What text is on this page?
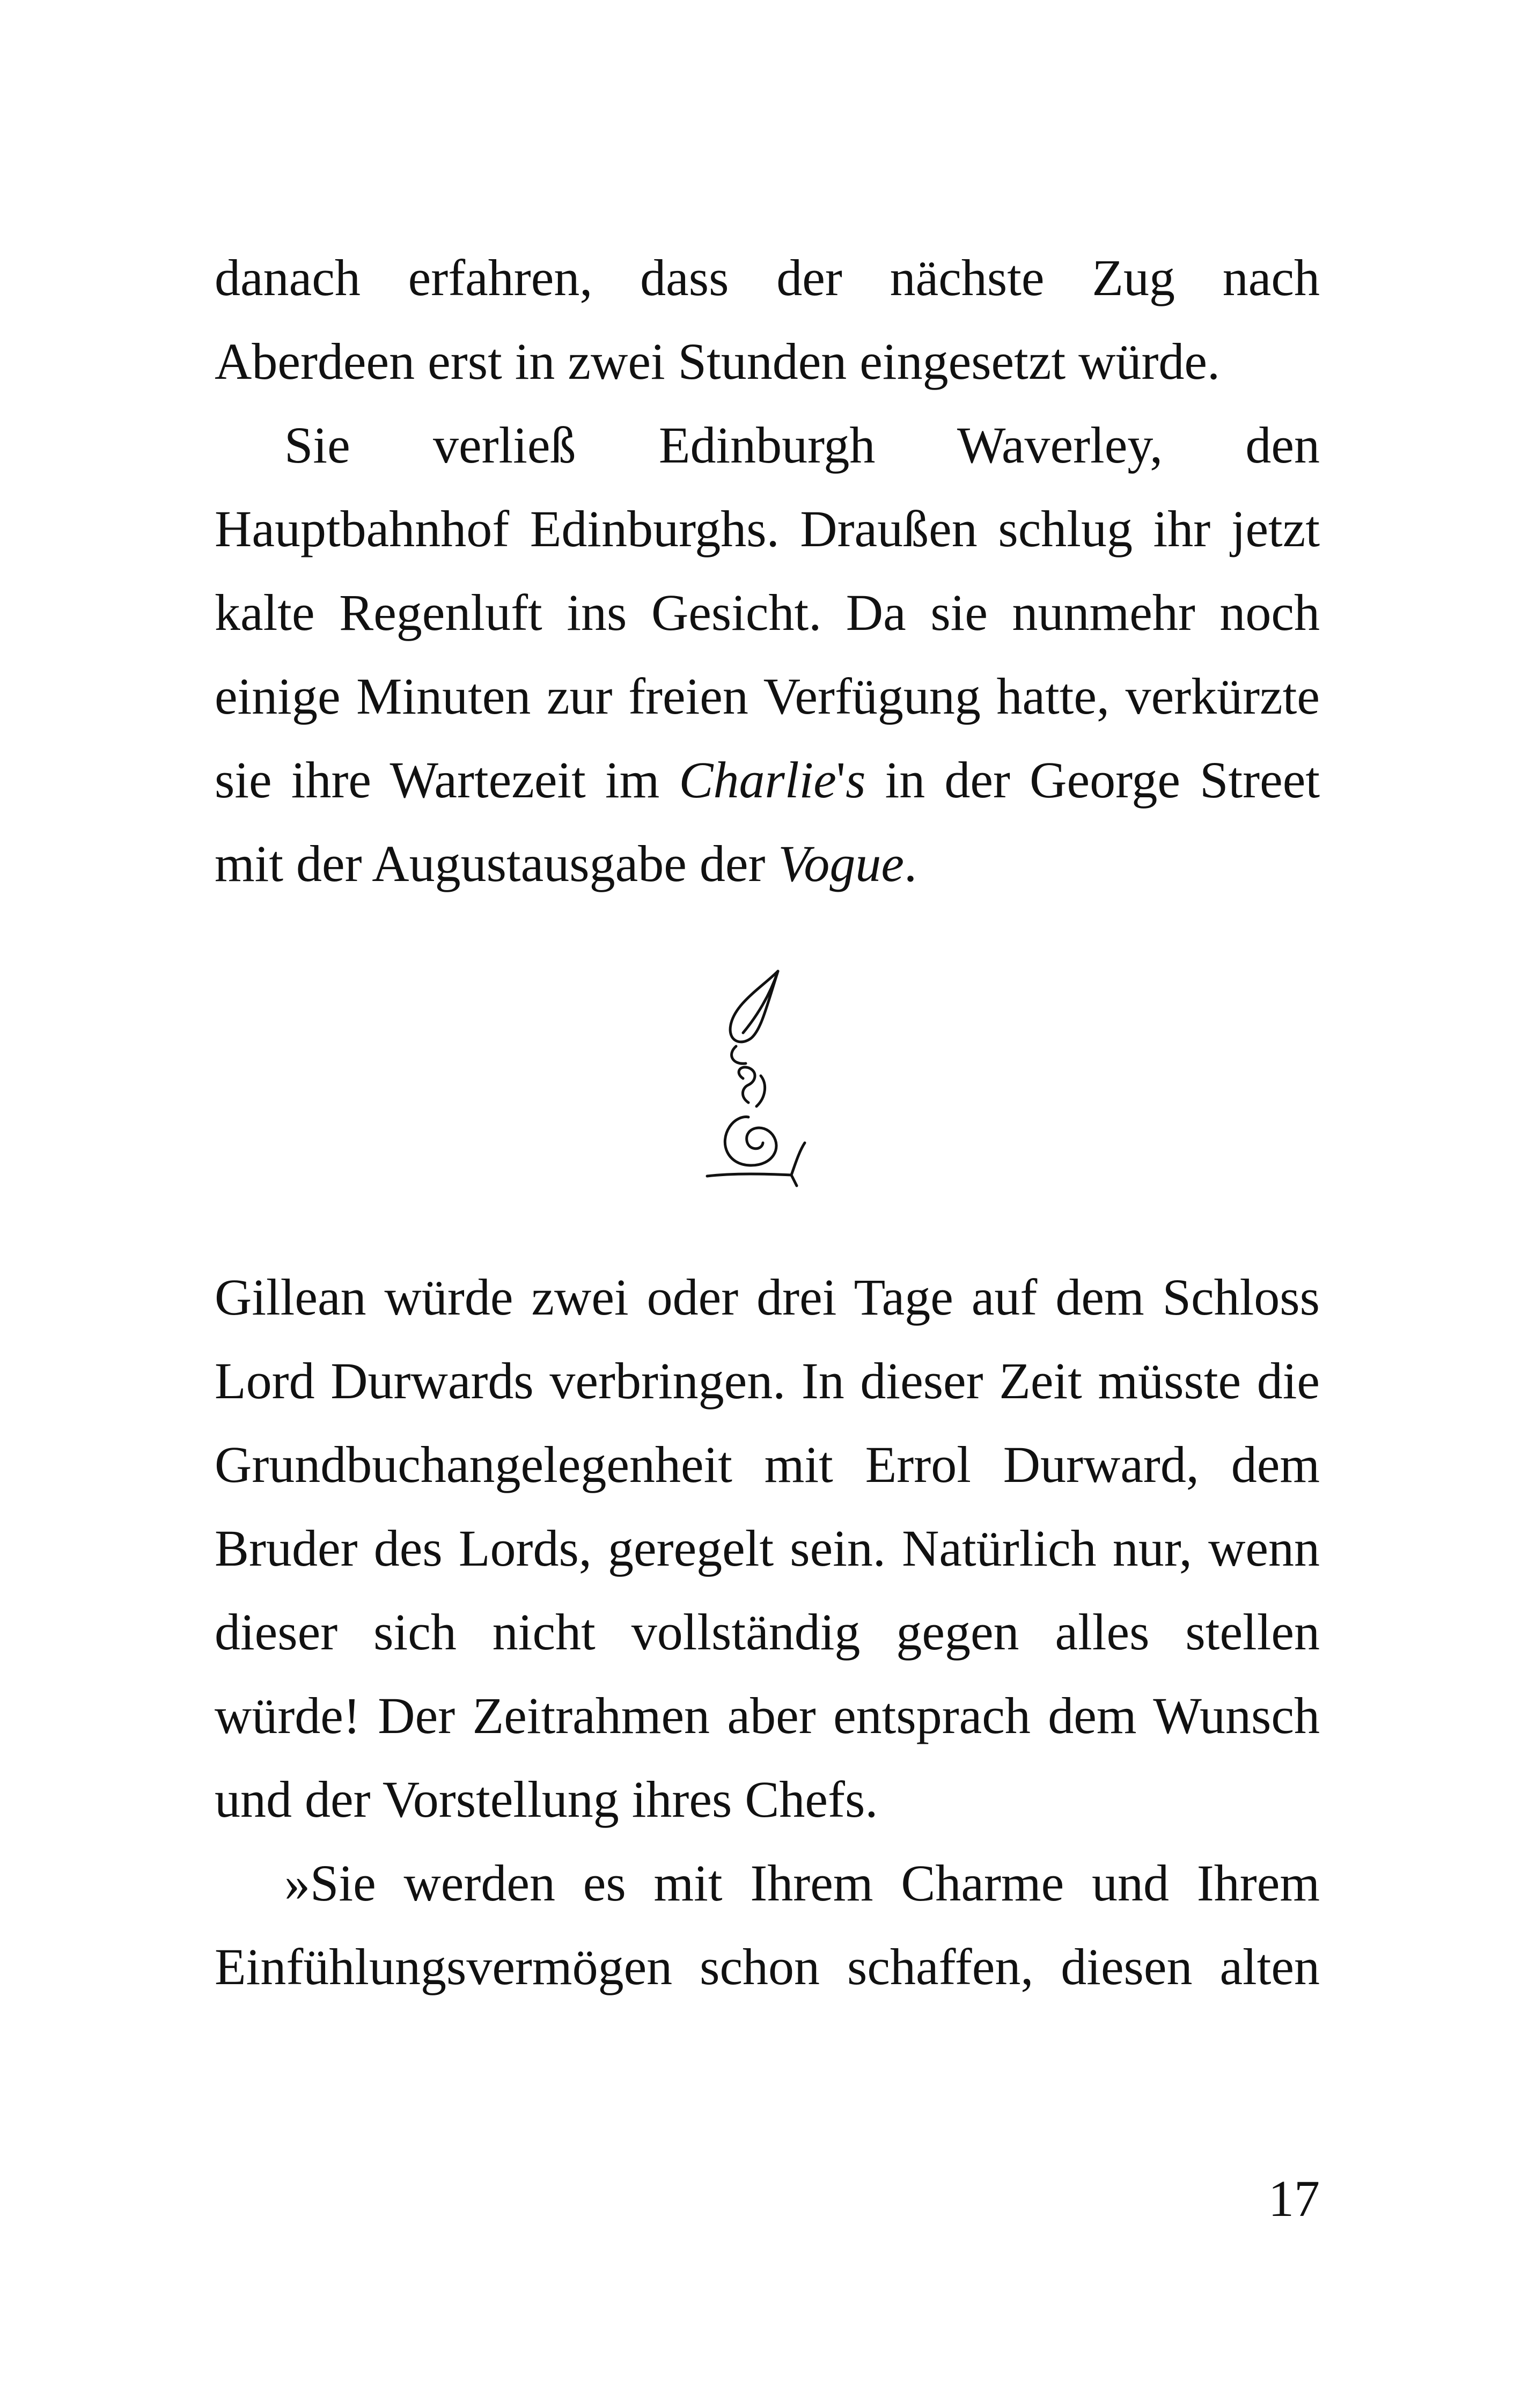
danach erfahren, dass der nächste Zug nach Aberdeen erst in zwei Stunden eingesetzt würde.

Sie verließ Edinburgh Waverley, den Hauptbahnhof Edinburghs. Draußen schlug ihr jetzt kalte Regenluft ins Gesicht. Da sie nunmehr noch einige Minuten zur freien Verfügung hatte, verkürzte sie ihre Wartezeit im Charlie's in der George Street mit der Augustausgabe der Vogue.

Gillean würde zwei oder drei Tage auf dem Schloss Lord Durwards verbringen. In dieser Zeit müsste die Grundbuchangelegenheit mit Errol Durward, dem Bruder des Lords, geregelt sein. Natürlich nur, wenn dieser sich nicht vollständig gegen alles stellen würde! Der Zeitrahmen aber entsprach dem Wunsch und der Vorstellung ihres Chefs.

»Sie werden es mit Ihrem Charme und Ihrem Einfühlungsvermögen schon schaffen, diesen alten

17
